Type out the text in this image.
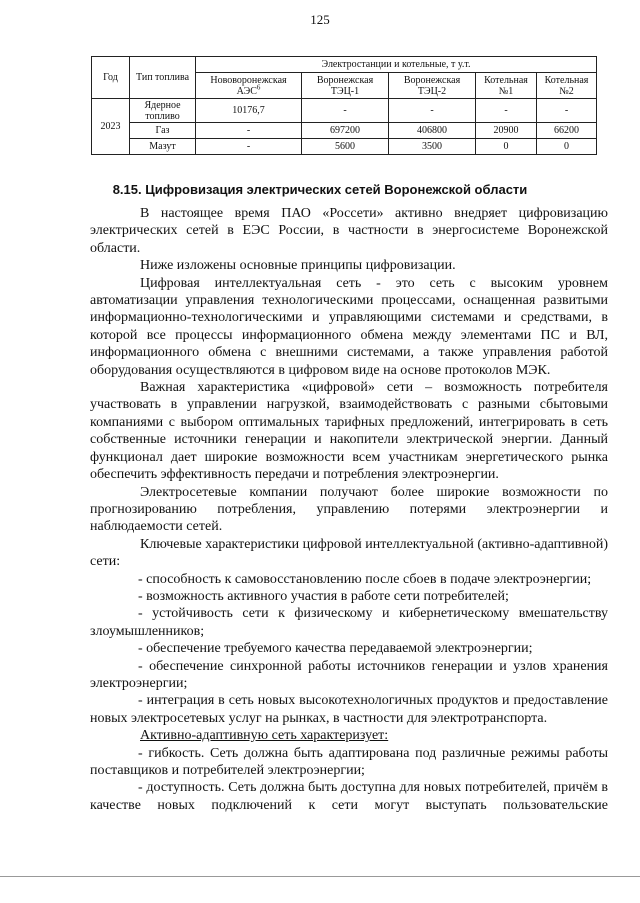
125
Год	Тип топлива	Электростанции и котельные, т у.т.				
		Нововоронежская АЭС$^6$	Воронежская ТЭЦ-1	Воронежская ТЭЦ-2	Котельная №1	Котельная №2
2023	Ядерное топливо	10176,7	-	-	-	-
	Газ	-	697200	406800	20900	66200
	Мазут	-	5600	3500	0	0
8.15. Цифровизация электрических сетей Воронежской области

В настоящее время ПАО «Россети» активно внедряет цифровизацию электрических сетей в ЕЭС России, в частности в энергосистеме Воронежской области.

Ниже изложены основные принципы цифровизации.

Цифровая интеллектуальная сеть - это сеть с высоким уровнем автоматизации управления технологическими процессами, оснащенная развитыми информационно-технологическими и управляющими системами и средствами, в которой все процессы информационного обмена между элементами ПС и ВЛ, информационного обмена с внешними системами, а также управления работой оборудования осуществляются в цифровом виде на основе протоколов МЭК.

Важная характеристика «цифровой» сети – возможность потребителя участвовать в управлении нагрузкой, взаимодействовать с разными сбытовыми компаниями с выбором оптимальных тарифных предложений, интегрировать в сеть собственные источники генерации и накопители электрической энергии. Данный функционал дает широкие возможности всем участникам энергетического рынка обеспечить эффективность передачи и потребления электроэнергии.

Электросетевые компании получают более широкие возможности по прогнозированию потребления, управлению потерями электроэнергии и наблюдаемости сетей.

Ключевые характеристики цифровой интеллектуальной (активно-адаптивной) сети:

- способность к самовосстановлению после сбоев в подаче электроэнергии;

- возможность активного участия в работе сети потребителей;

- устойчивость сети к физическому и кибернетическому вмешательству злоумышленников;

- обеспечение требуемого качества передаваемой электроэнергии;

- обеспечение синхронной работы источников генерации и узлов хранения электроэнергии;

- интеграция в сеть новых высокотехнологичных продуктов и предоставление новых электросетевых услуг на рынках, в частности для электротранспорта.

Активно-адаптивную сеть характеризует:

- гибкость. Сеть должна быть адаптирована под различные режимы работы поставщиков и потребителей электроэнергии;

- доступность. Сеть должна быть доступна для новых потребителей, причём в качестве новых подключений к сети могут выступать пользовательские
